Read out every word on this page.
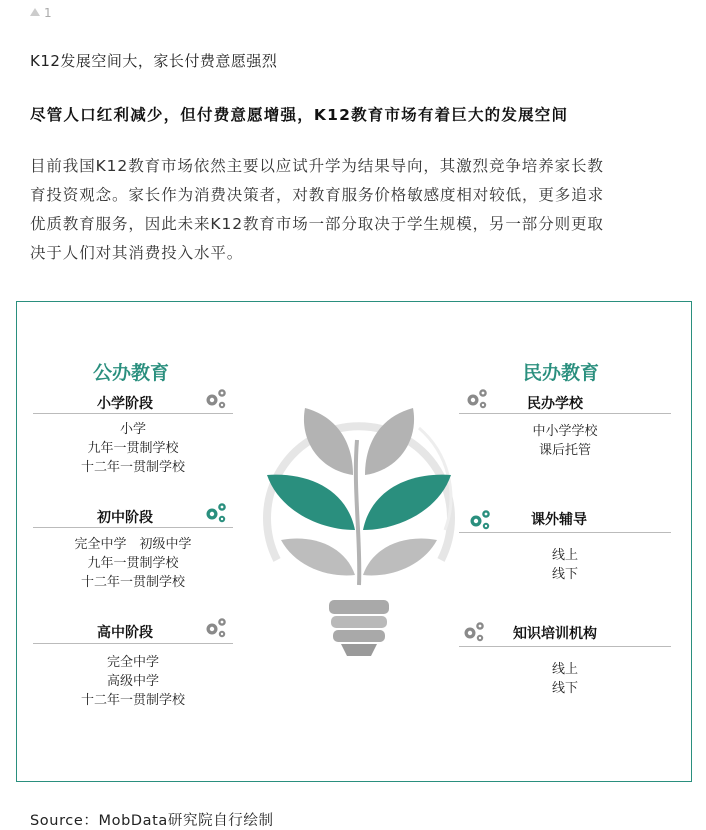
1
K12发展空间大，家长付费意愿强烈
尽管人口红利减少，但付费意愿增强，K12教育市场有着巨大的发展空间
目前我国K12教育市场依然主要以应试升学为结果导向，其激烈竞争培养家长教
育投资观念。家长作为消费决策者，对教育服务价格敏感度相对较低，更多追求
优质教育服务，因此未来K12教育市场一部分取决于学生规模，另一部分则更取
决于人们对其消费投入水平。
公办教育	民办教育
小学阶段
小学
九年一贯制学校
十二年一贯制学校
初中阶段
完全中学　初级中学
九年一贯制学校
十二年一贯制学校
高中阶段
完全中学
高级中学
十二年一贯制学校
民办学校
中小学学校
课后托管
课外辅导
线上
线下
知识培训机构
线上
线下
Source：MobData研究院自行绘制
